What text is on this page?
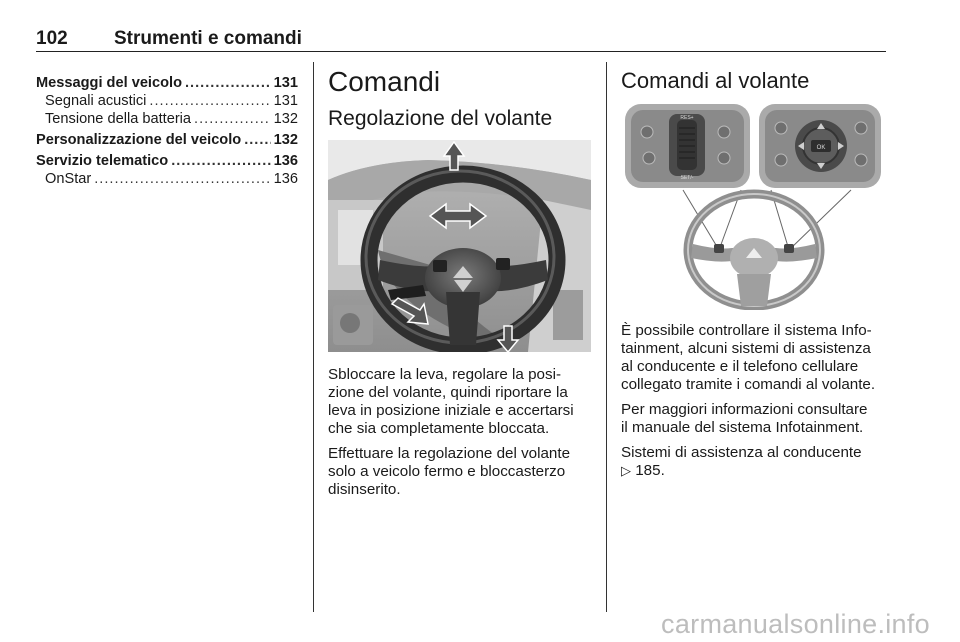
102 Strumenti e comandi
Messaggi del veicolo .....	131
Segnali acustici .....	131
Tensione della batteria .....	132
Personalizzazione del veicolo ..... 132
Servizio telematico .....	136
OnStar .....	136
Comandi
Regolazione del volante

Sbloccare la leva, regolare la posi-
zione del volante, quindi riportare la
leva in posizione iniziale e accertarsi
che sia completamente bloccata.

Effettuare la regolazione del volante
solo a veicolo fermo e bloccasterzo
disinserito.

Comandi al volante
RES+
SET/-
OK

È possibile controllare il sistema Info-
tainment, alcuni sistemi di assistenza
al conducente e il telefono cellulare
collegato tramite i comandi al volante.

Per maggiori informazioni consultare
il manuale del sistema Infotainment.

Sistemi di assistenza al conducente

▷ 185.

carmanualsonline.info
